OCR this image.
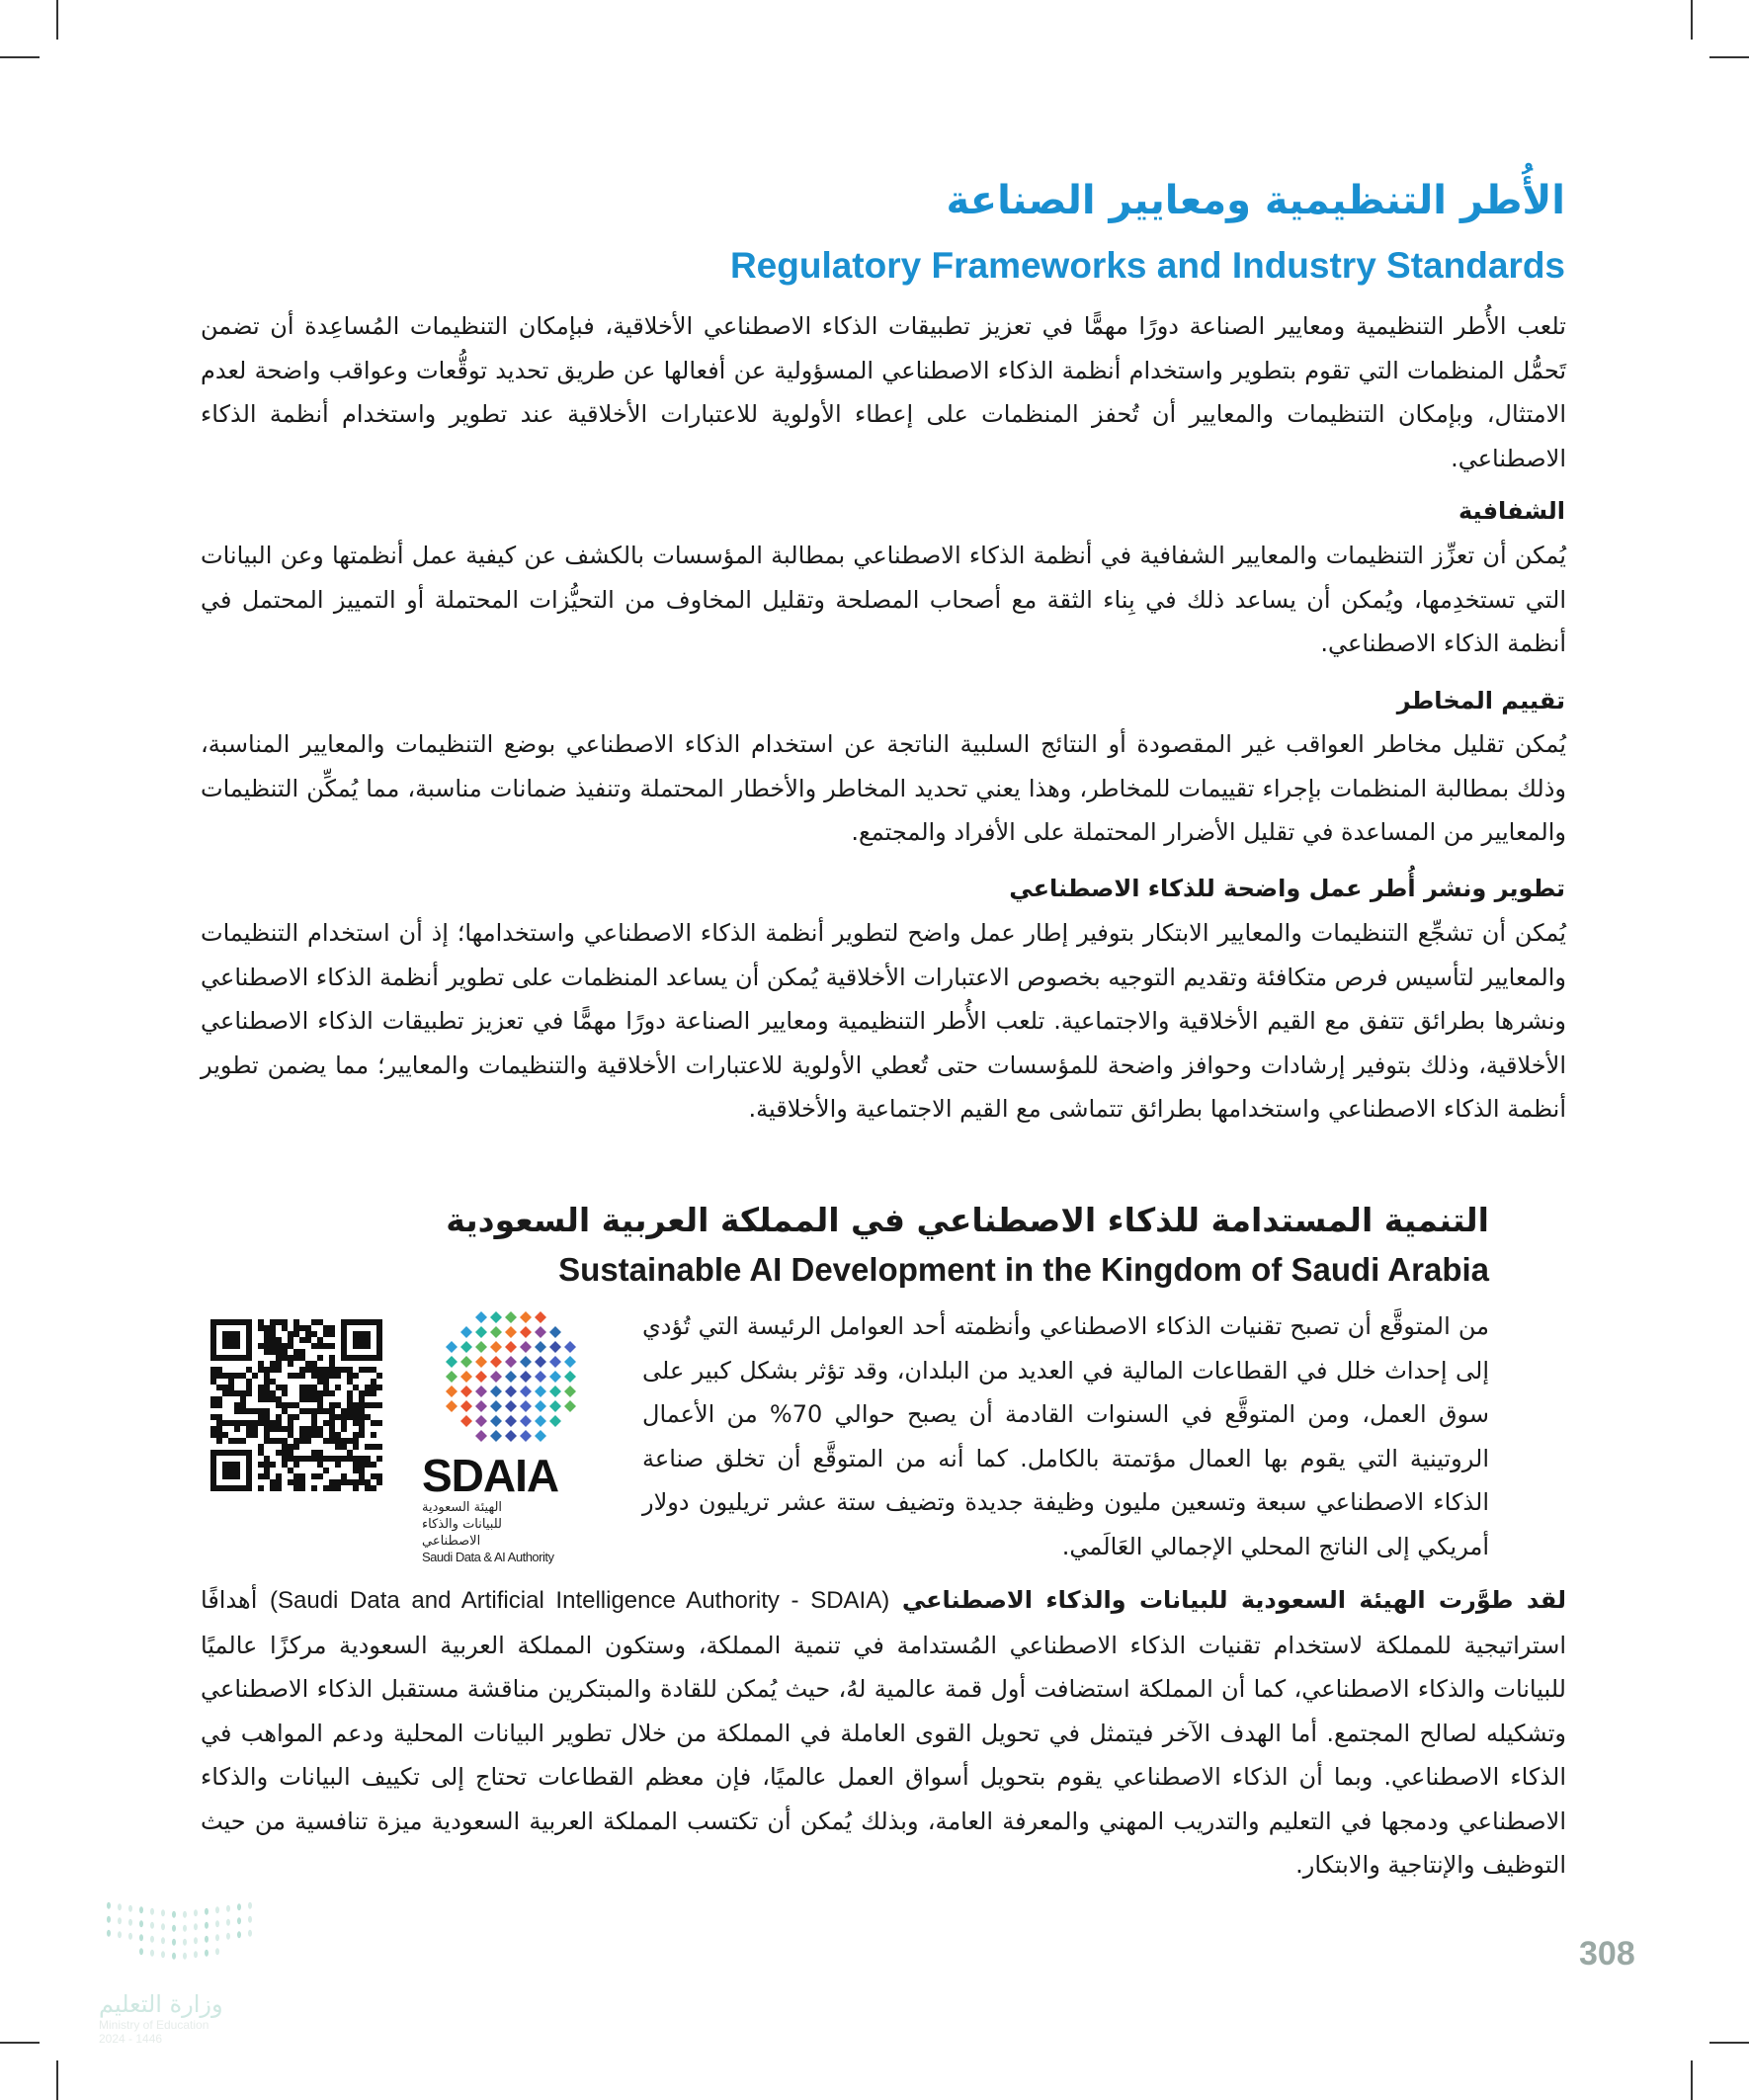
الأُطر التنظيمية ومعايير الصناعة
Regulatory Frameworks and Industry Standards
تلعب الأُطر التنظيمية ومعايير الصناعة دورًا مهمًّا في تعزيز تطبيقات الذكاء الاصطناعي الأخلاقية، فبإمكان التنظيمات المُساعِدة أن تضمن تَحمُّل المنظمات التي تقوم بتطوير واستخدام أنظمة الذكاء الاصطناعي المسؤولية عن أفعالها عن طريق تحديد توقُّعات وعواقب واضحة لعدم الامتثال، وبإمكان التنظيمات والمعايير أن تُحفز المنظمات على إعطاء الأولوية للاعتبارات الأخلاقية عند تطوير واستخدام أنظمة الذكاء الاصطناعي.
الشفافية
يُمكن أن تعزِّز التنظيمات والمعايير الشفافية في أنظمة الذكاء الاصطناعي بمطالبة المؤسسات بالكشف عن كيفية عمل أنظمتها وعن البيانات التي تستخدِمها، ويُمكن أن يساعد ذلك في بِناء الثقة مع أصحاب المصلحة وتقليل المخاوف من التحيُّزات المحتملة أو التمييز المحتمل في أنظمة الذكاء الاصطناعي.
تقييم المخاطر
يُمكن تقليل مخاطر العواقب غير المقصودة أو النتائج السلبية الناتجة عن استخدام الذكاء الاصطناعي بوضع التنظيمات والمعايير المناسبة، وذلك بمطالبة المنظمات بإجراء تقييمات للمخاطر، وهذا يعني تحديد المخاطر والأخطار المحتملة وتنفيذ ضمانات مناسبة، مما يُمكِّن التنظيمات والمعايير من المساعدة في تقليل الأضرار المحتملة على الأفراد والمجتمع.
تطوير ونشر أُطر عمل واضحة للذكاء الاصطناعي
يُمكن أن تشجِّع التنظيمات والمعايير الابتكار بتوفير إطار عمل واضح لتطوير أنظمة الذكاء الاصطناعي واستخدامها؛ إذ أن استخدام التنظيمات والمعايير لتأسيس فرص متكافئة وتقديم التوجيه بخصوص الاعتبارات الأخلاقية يُمكن أن يساعد المنظمات على تطوير أنظمة الذكاء الاصطناعي ونشرها بطرائق تتفق مع القيم الأخلاقية والاجتماعية. تلعب الأُطر التنظيمية ومعايير الصناعة دورًا مهمًّا في تعزيز تطبيقات الذكاء الاصطناعي الأخلاقية، وذلك بتوفير إرشادات وحوافز واضحة للمؤسسات حتى تُعطي الأولوية للاعتبارات الأخلاقية والتنظيمات والمعايير؛ مما يضمن تطوير أنظمة الذكاء الاصطناعي واستخدامها بطرائق تتماشى مع القيم الاجتماعية والأخلاقية.
التنمية المستدامة للذكاء الاصطناعي في المملكة العربية السعودية
Sustainable AI Development in the Kingdom of Saudi Arabia
من المتوقَّع أن تصبح تقنيات الذكاء الاصطناعي وأنظمته أحد العوامل الرئيسة التي تُؤدي إلى إحداث خلل في القطاعات المالية في العديد من البلدان، وقد تؤثر بشكل كبير على سوق العمل، ومن المتوقَّع في السنوات القادمة أن يصبح حوالي 70% من الأعمال الروتينية التي يقوم بها العمال مؤتمتة بالكامل. كما أنه من المتوقَّع أن تخلق صناعة الذكاء الاصطناعي سبعة وتسعين مليون وظيفة جديدة وتضيف ستة عشر تريليون دولار أمريكي إلى الناتج المحلي الإجمالي العَالَمي.
SDAIA
الهيئة السعودية للبيانات والذكاء الاصطناعي
Saudi Data & AI Authority
لقد طوَّرت الهيئة السعودية للبيانات والذكاء الاصطناعي (Saudi Data and Artificial Intelligence Authority - SDAIA) أهدافًا استراتيجية للمملكة لاستخدام تقنيات الذكاء الاصطناعي المُستدامة في تنمية المملكة، وستكون المملكة العربية السعودية مركزًا عالميًا للبيانات والذكاء الاصطناعي، كما أن المملكة استضافت أول قمة عالمية لهُ، حيث يُمكن للقادة والمبتكرين مناقشة مستقبل الذكاء الاصطناعي وتشكيله لصالح المجتمع. أما الهدف الآخر فيتمثل في تحويل القوى العاملة في المملكة من خلال تطوير البيانات المحلية ودعم المواهب في الذكاء الاصطناعي. وبما أن الذكاء الاصطناعي يقوم بتحويل أسواق العمل عالميًا، فإن معظم القطاعات تحتاج إلى تكييف البيانات والذكاء الاصطناعي ودمجها في التعليم والتدريب المهني والمعرفة العامة، وبذلك يُمكن أن تكتسب المملكة العربية السعودية ميزة تنافسية من حيث التوظيف والإنتاجية والابتكار.
وزارة التعليم
Ministry of Education
2024 - 1446
308
